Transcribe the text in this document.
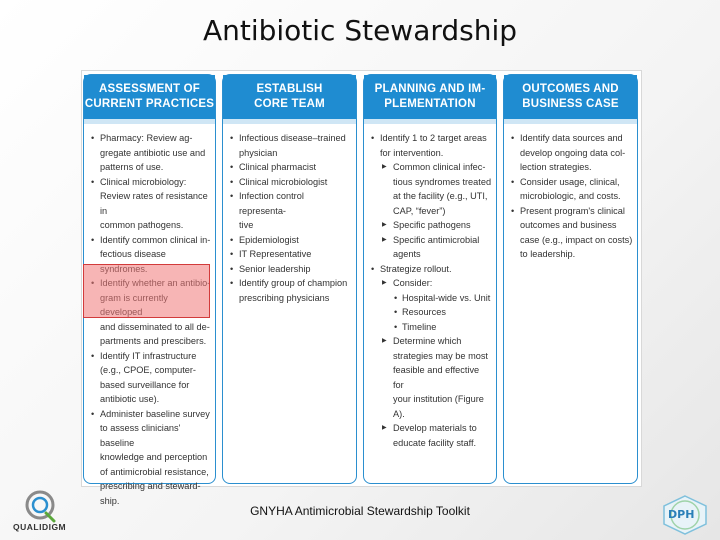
Antibiotic Stewardship
ASSESSMENT OF
CURRENT PRACTICES
• Pharmacy: Review ag-
gregate antibiotic use and
patterns of use.
• Clinical microbiology:
Review rates of resistance in
common pathogens.
• Identify common clinical in-
fectious disease
• and disseminated to all de-
partments and prescibers.
• Identify IT infrastructure
(e.g., CPOE, computer-
based surveillance for
antibiotic use).
• Administer baseline survey
to assess clinicians' baseline
knowledge and perception
of antimicrobial resistance,
prescribing and steward-
ship.
ESTABLISH
CORE TEAM
• Infectious disease–trained
physician
• Clinical pharmacist
• Clinical microbiologist
• Infection control representa-
tive
• Epidemiologist
• IT Representative
• Senior leadership
• Identify group of champion
prescribing physicians
PLANNING AND IM-
PLEMENTATION
• Identify 1 to 2 target areas
for intervention.
▶ Common clinical infec-
tious syndromes treated
at the facility (e.g., UTI,
CAP, “fever”)
▶ Specific pathogens
▶ Specific antimicrobial
agents
• Strategize rollout.
▶ Consider:
• Hospital-wide vs. Unit
• Resources
• Timeline
▶ Determine which
strategies may be most
feasible and effective for
your institution (Figure
A).
▶ Develop materials to
educate facility staff.
OUTCOMES AND
BUSINESS CASE
• Identify data sources and
develop ongoing data col-
lection strategies.
• Consider usage, clinical,
microbiologic, and costs.
• Present program's clinical
outcomes and business
case (e.g., impact on costs)
to leadership.
QUALIDIGM
GNYHA Antimicrobial Stewardship Toolkit	DPH
